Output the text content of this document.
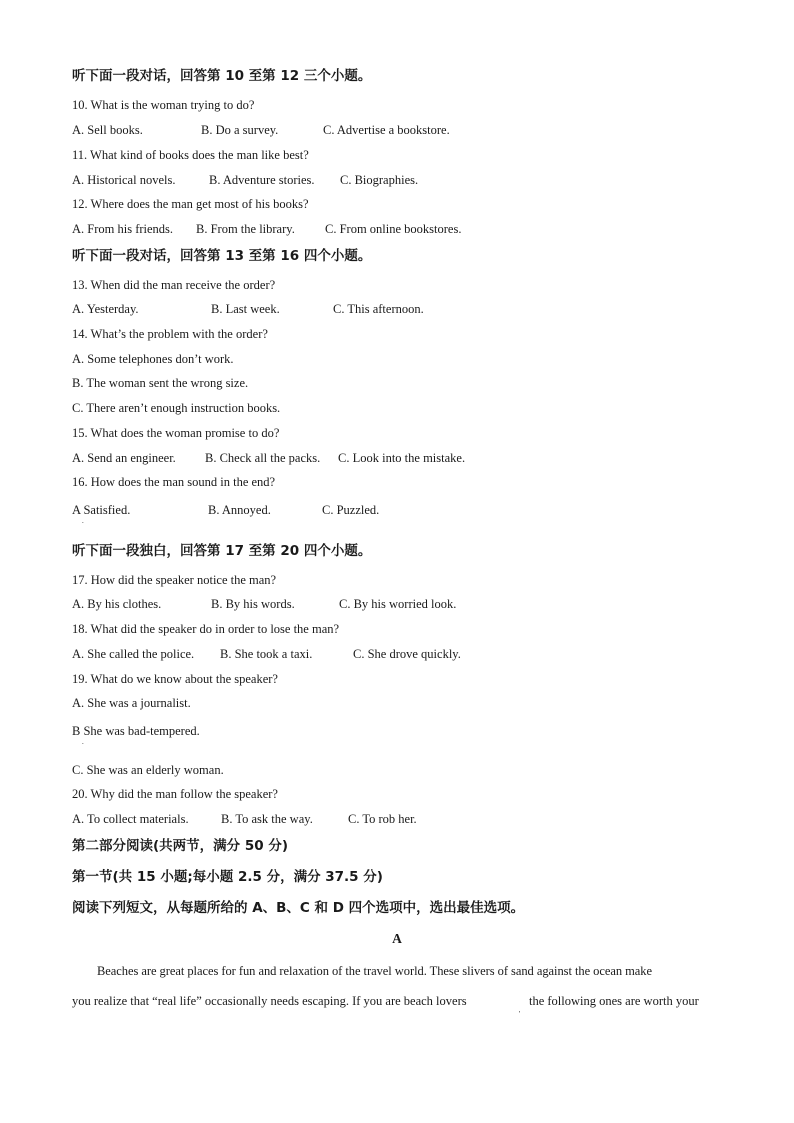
听下面一段对话，回答第 10 至第 12 三个小题。
10. What is the woman trying to do?
A. Sell books.	B. Do a survey.	C. Advertise a bookstore.
11. What kind of books does the man like best?
A. Historical novels.	B. Adventure stories. C. Biographies.
12. Where does the man get most of his books?
A. From his friends. B. From the library. C. From online bookstores.
听下面一段对话，回答第 13 至第 16 四个小题。
13. When did the man receive the order?
A. Yesterday.	B. Last week.	C. This afternoon.
14. What’s the problem with the order?
A. Some telephones don’t work.
B. The woman sent the wrong size.
C. There aren’t enough instruction books.
15. What does the woman promise to do?
A. Send an engineer. B. Check all the packs. C. Look into the mistake.
16. How does the man sound in the end?
A Satisfied.
.
B. Annoyed.	C. Puzzled.
听下面一段独白，回答第 17 至第 20 四个小题。
17. How did the speaker notice the man?
A. By his clothes.	B. By his words.	C. By his worried look.
18. What did the speaker do in order to lose the man?
A. She called the police. B. She took a taxi.	C. She drove quickly.
19. What do we know about the speaker?
A. She was a journalist.
B She was bad-tempered.
.
C. She was an elderly woman.
20. Why did the man follow the speaker?
A. To collect materials.	B. To ask the way.	C. To rob her.
第二部分阅读(共两节，满分 50 分)
第一节(共 15 小题;每小题 2.5 分，满分 37.5 分)
阅读下列短文，从每题所给的 A、B、C 和 D 四个选项中，选出最佳选项。
A
Beaches are great places for fun and relaxation of the travel world. These slivers of sand against the ocean make
you realize that “real life” occasionally needs escaping. If you are beach lovers
'
the following ones are worth your
